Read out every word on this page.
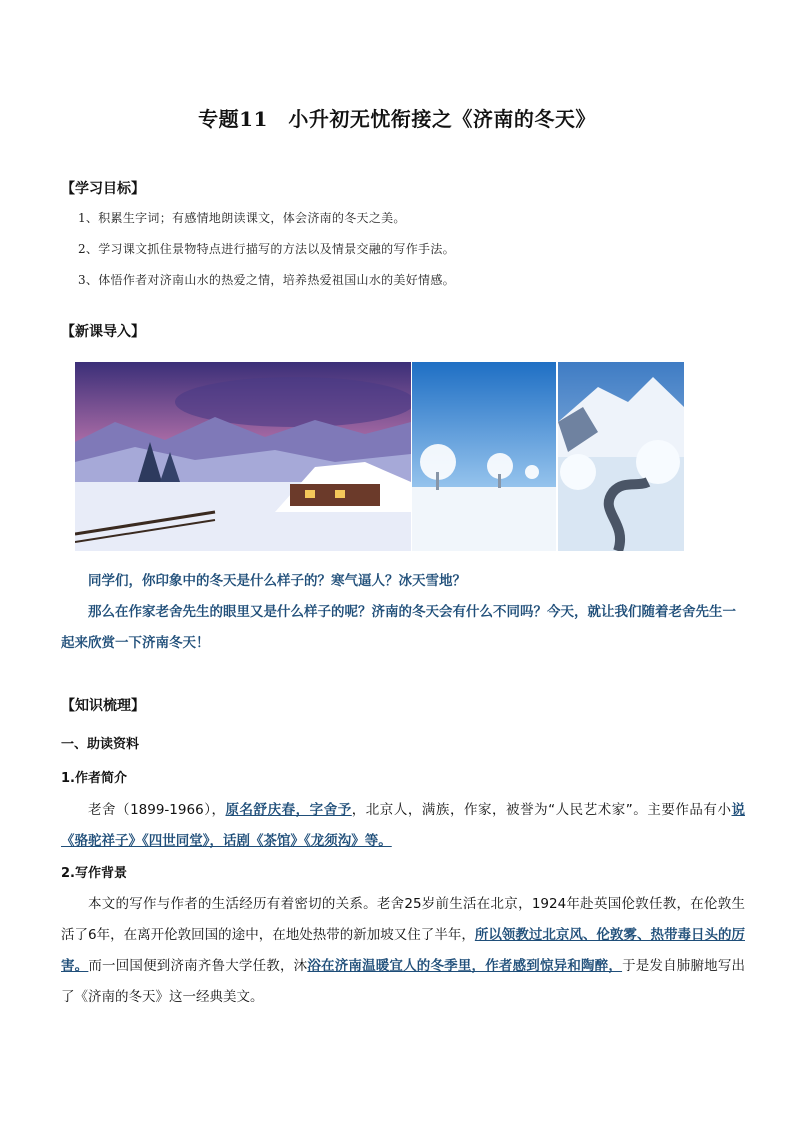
专题11　小升初无忧衔接之《济南的冬天》
【学习目标】
1、积累生字词；有感情地朗读课文，体会济南的冬天之美。
2、学习课文抓住景物特点进行描写的方法以及情景交融的写作手法。
3、体悟作者对济南山水的热爱之情，培养热爱祖国山水的美好情感。
【新课导入】

同学们，你印象中的冬天是什么样子的？寒气逼人？冰天雪地？

那么在作家老舍先生的眼里又是什么样子的呢？济南的冬天会有什么不同吗？今天，就让我们随着老舍先生一起来欣赏一下济南冬天！

【知识梳理】
一、助读资料
1.作者简介
老舍（1899-1966），原名舒庆春，字舍予，北京人，满族，作家，被誉为“人民艺术家”。主要作品有小说《骆驼祥子》《四世同堂》，话剧《茶馆》《龙须沟》等。
2.写作背景
本文的写作与作者的生活经历有着密切的关系。老舍25岁前生活在北京，1924年赴英国伦敦任教，在伦敦生活了6年，在离开伦敦回国的途中，在地处热带的新加坡又住了半年，所以领教过北京风、伦敦雾、热带毒日头的厉害。而一回国便到济南齐鲁大学任教，沐浴在济南温暖宜人的冬季里，作者感到惊异和陶醉，于是发自肺腑地写出了《济南的冬天》这一经典美文。
